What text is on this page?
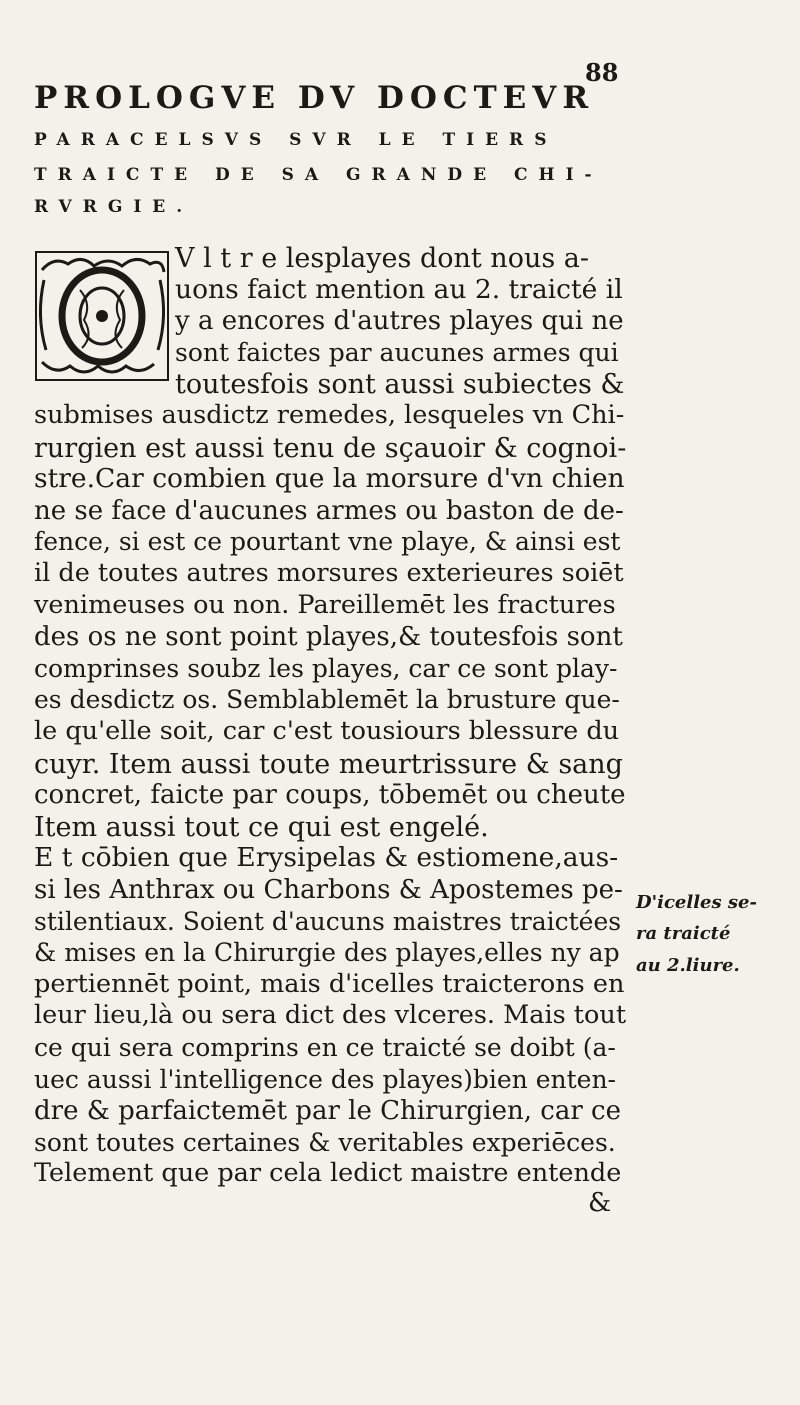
88
PROLOGVE DV DOCTEVR
PARACELSVS SVR LE TIERS
TRAICTE DE SA GRANDE CHI-
RVRGIE.
V l t r e lesplayes dont nous a-
uons faict mention au 2. traicté il
y a encores d'autres playes qui ne
sont faictes par aucunes armes qui
toutesfois sont aussi subiectes &
submises ausdictz remedes, lesqueles vn Chi-
rurgien est aussi tenu de sçauoir & cognoi-
stre.Car combien que la morsure d'vn chien
ne se face d'aucunes armes ou baston de de-
fence, si est ce pourtant vne playe, & ainsi est
il de toutes autres morsures exterieures soiēt
venimeuses ou non. Pareillemēt les fractures
des os ne sont point playes,& toutesfois sont
comprinses soubz les playes, car ce sont play-
es desdictz os. Semblablemēt la brusture que-
le qu'elle soit, car c'est tousiours blessure du
cuyr. Item aussi toute meurtrissure & sang
concret, faicte par coups, tōbemēt ou cheute
Item aussi tout ce qui est engelé.
E t cōbien que Erysipelas & estiomene,aus-
si les Anthrax ou Charbons & Apostemes pe-
stilentiaux. Soient d'aucuns maistres traictées
& mises en la Chirurgie des playes,elles ny ap
pertiennēt point, mais d'icelles traicterons en
leur lieu,là ou sera dict des vlceres. Mais tout
ce qui sera comprins en ce traicté se doibt (a-
uec aussi l'intelligence des playes)bien enten-
dre & parfaictemēt par le Chirurgien, car ce
sont toutes certaines & veritables experiēces.
Telement que par cela ledict maistre entende
D'icelles se-
ra traicté
au 2.liure.
&
